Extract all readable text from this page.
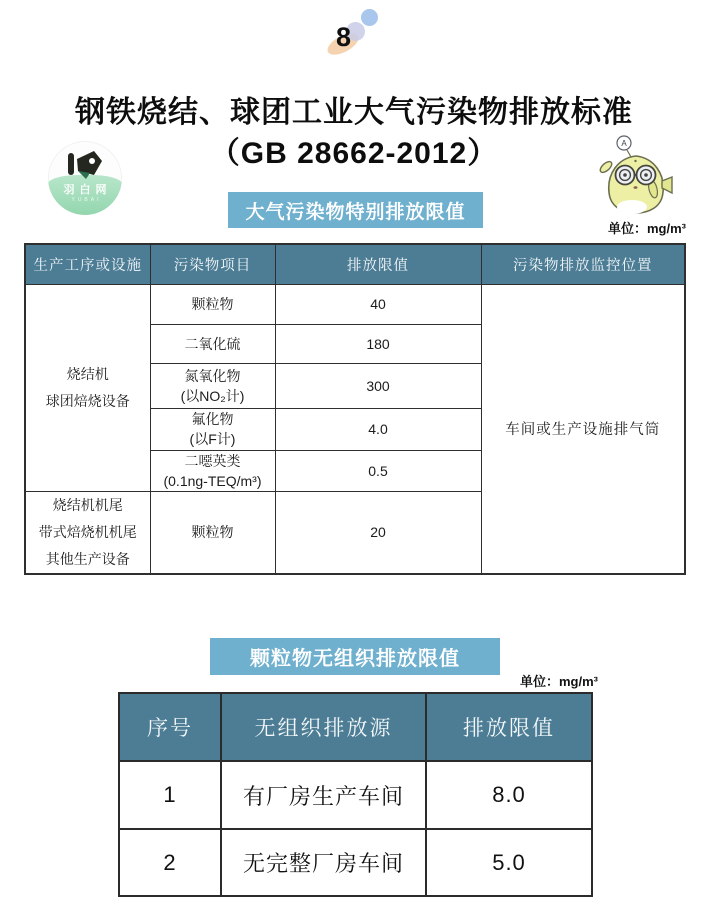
8
钢铁烧结、球团工业大气污染物排放标准
（GB 28662-2012）
羽白网
YUBAI
A
大气污染物特别排放限值
单位：mg/m³
生产工序或设施	污染物项目	排放限值	污染物排放监控位置

烧结机
球团焙烧设备	颗粒物	40	车间或生产设施排气筒

	二氧化硫	180	

	氮氧化物
(以NO₂计)	300	

	氟化物
(以F计)	4.0	

	二噁英类
(0.1ng-TEQ/m³)	0.5	

烧结机机尾
带式焙烧机机尾
其他生产设备	颗粒物	20	
颗粒物无组织排放限值
单位：mg/m³
序号	无组织排放源	排放限值
1	有厂房生产车间	8.0
2	无完整厂房车间	5.0
